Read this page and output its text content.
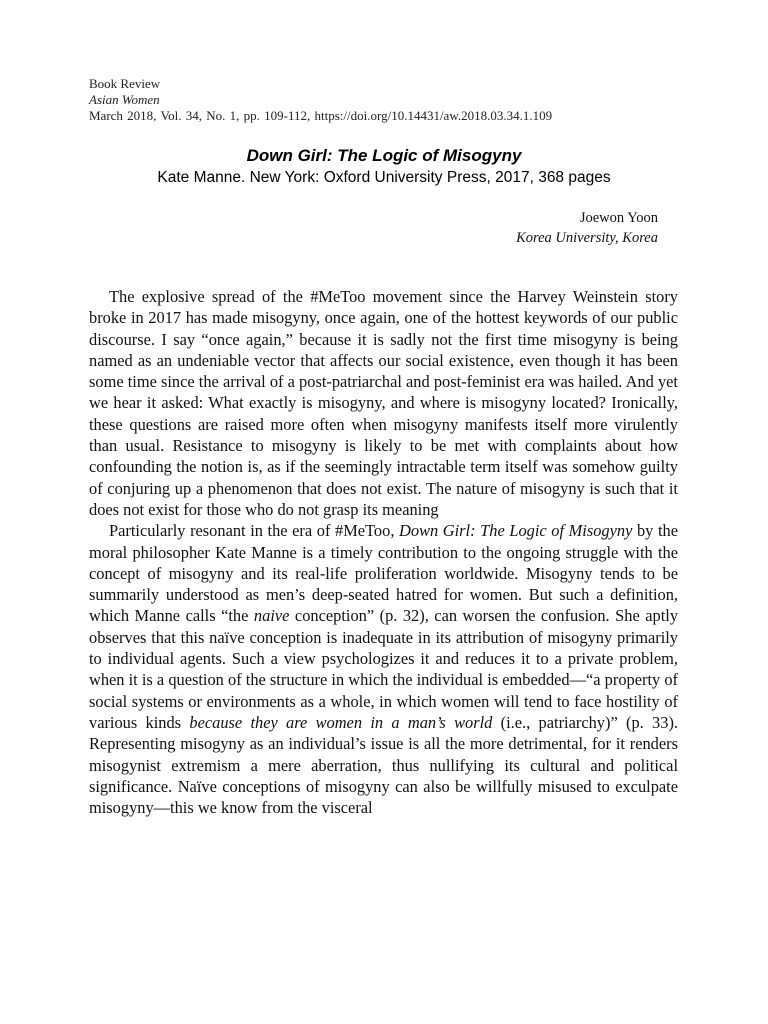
Book Review
Asian Women
March 2018, Vol. 34, No. 1, pp. 109-112, https://doi.org/10.14431/aw.2018.03.34.1.109
Down Girl: The Logic of Misogyny
Kate Manne. New York: Oxford University Press, 2017, 368 pages
Joewon Yoon
Korea University, Korea

The explosive spread of the #MeToo movement since the Harvey Weinstein story broke in 2017 has made misogyny, once again, one of the hottest keywords of our public discourse. I say “once again,” because it is sadly not the first time misogyny is being named as an undeniable vector that affects our social existence, even though it has been some time since the arrival of a post-patriarchal and post-feminist era was hailed. And yet we hear it asked: What exactly is misogyny, and where is misogyny located? Ironically, these questions are raised more often when misogyny manifests itself more virulently than usual. Resistance to misogyny is likely to be met with complaints about how confounding the notion is, as if the seemingly intractable term itself was somehow guilty of conjuring up a phenomenon that does not exist. The nature of misogyny is such that it does not exist for those who do not grasp its meaning

Particularly resonant in the era of #MeToo, Down Girl: The Logic of Misogyny by the moral philosopher Kate Manne is a timely contribution to the ongoing struggle with the concept of misogyny and its real-life proliferation worldwide. Misogyny tends to be summarily understood as men’s deep-seated hatred for women. But such a definition, which Manne calls “the naive conception” (p. 32), can worsen the confusion. She aptly observes that this naïve conception is inadequate in its attribution of misogyny primarily to individual agents. Such a view psychologizes it and reduces it to a private problem, when it is a question of the structure in which the individual is embedded—“a property of social systems or environments as a whole, in which women will tend to face hostility of various kinds because they are women in a man’s world (i.e., patriarchy)” (p. 33). Representing misogyny as an individual’s issue is all the more detrimental, for it renders misogynist extremism a mere aberration, thus nullifying its cultural and political significance. Naïve conceptions of misogyny can also be willfully misused to exculpate misogyny—this we know from the visceral
